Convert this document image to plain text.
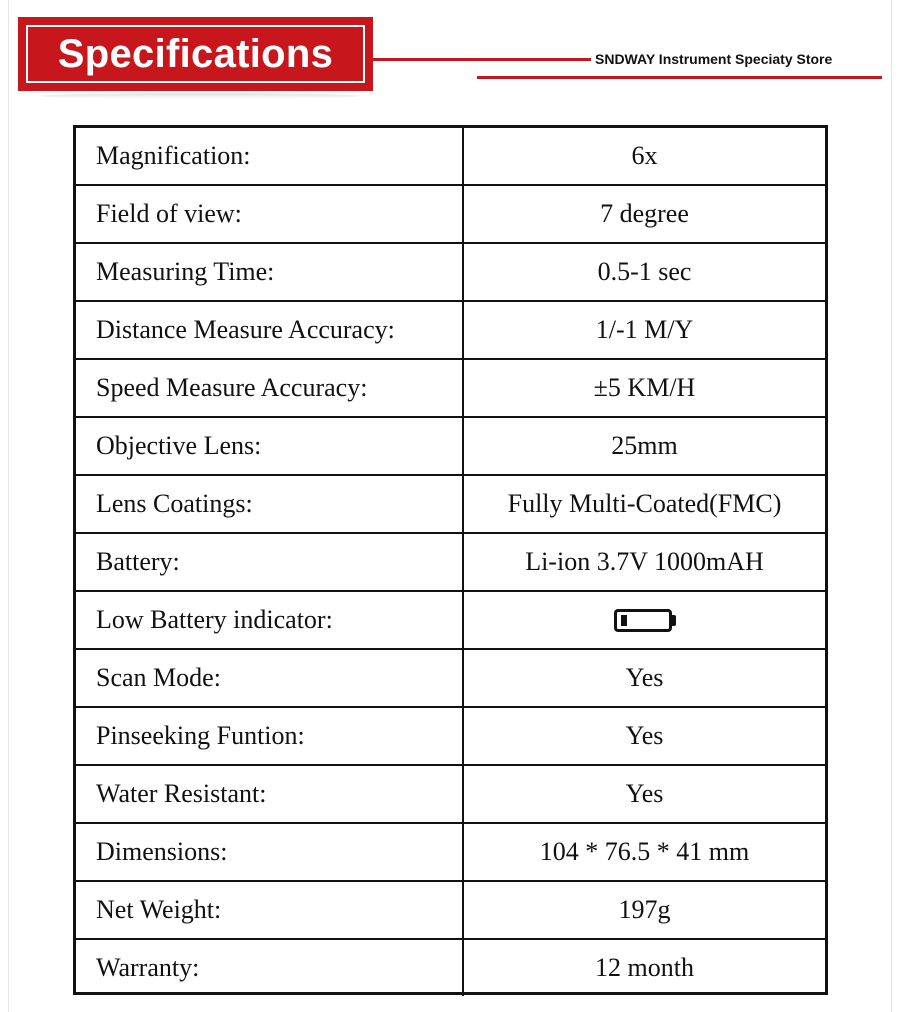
Specifications	SNDWAY Instrument Speciaty Store
Magnification:	6x
Field of view:	7 degree
Measuring Time:	0.5-1 sec
Distance Measure Accuracy:	1/-1 M/Y
Speed Measure Accuracy:	±5 KM/H
Objective Lens:	25mm
Lens Coatings:	Fully Multi-Coated(FMC)
Battery:	Li-ion 3.7V 1000mAH
Low Battery indicator:
Scan Mode:	Yes
Pinseeking Funtion:	Yes
Water Resistant:	Yes
Dimensions:	104 * 76.5 * 41 mm
Net Weight:	197g
Warranty:	12 month
